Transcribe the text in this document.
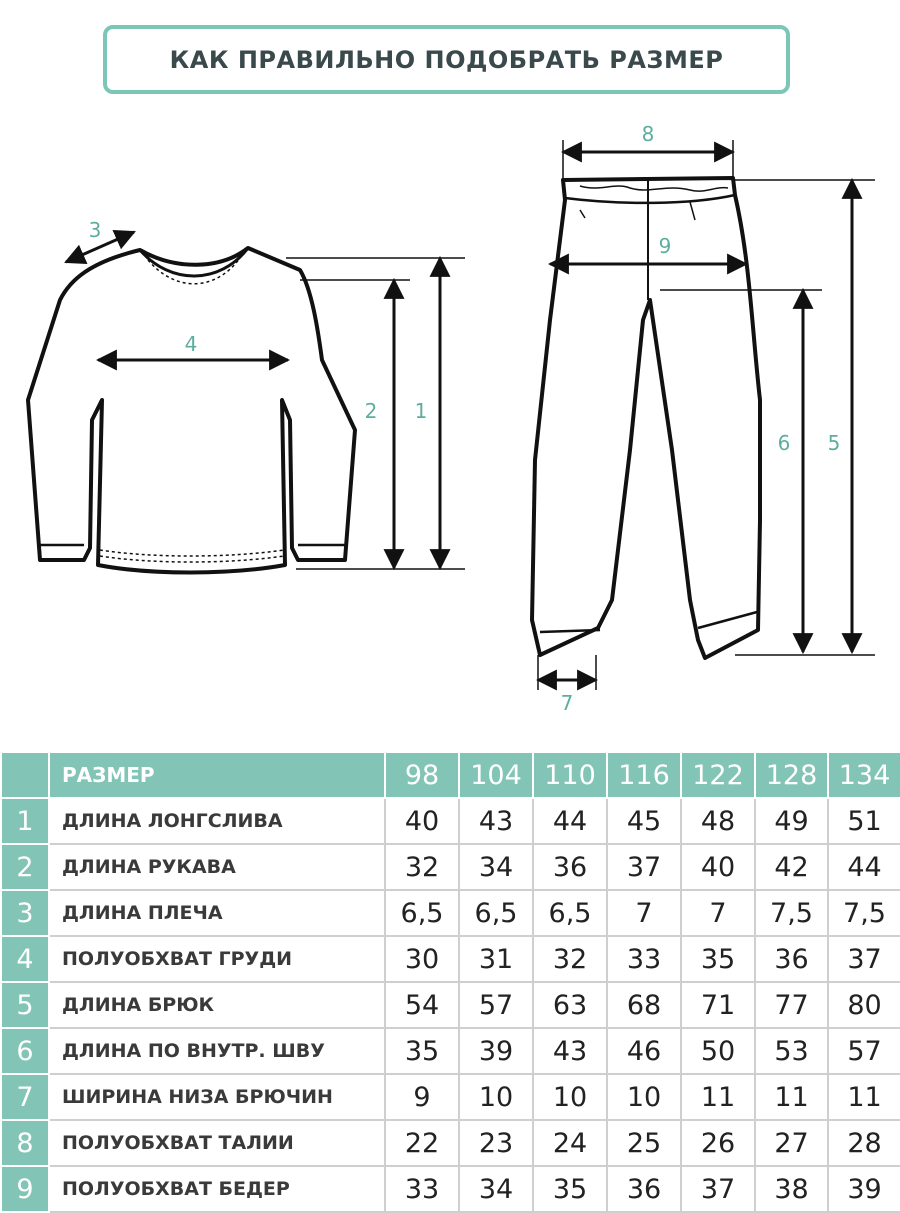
КАК ПРАВИЛЬНО ПОДОБРАТЬ РАЗМЕР
3
4
2 1
8
9
6 5
7
	РАЗМЕР	98	104	110	116	122	128	134
1	ДЛИНА ЛОНГСЛИВА	40	43	44	45	48	49	51
2	ДЛИНА РУКАВА	32	34	36	37	40	42	44
3	ДЛИНА ПЛЕЧА	6,5	6,5	6,5	7	7	7,5	7,5
4	ПОЛУОБХВАТ ГРУДИ	30	31	32	33	35	36	37
5	ДЛИНА БРЮК	54	57	63	68	71	77	80
6	ДЛИНА ПО ВНУТР. ШВУ	35	39	43	46	50	53	57
7	ШИРИНА НИЗА БРЮЧИН	9	10	10	10	11	11	11
8	ПОЛУОБХВАТ ТАЛИИ	22	23	24	25	26	27	28
9	ПОЛУОБХВАТ БЕДЕР	33	34	35	36	37	38	39
